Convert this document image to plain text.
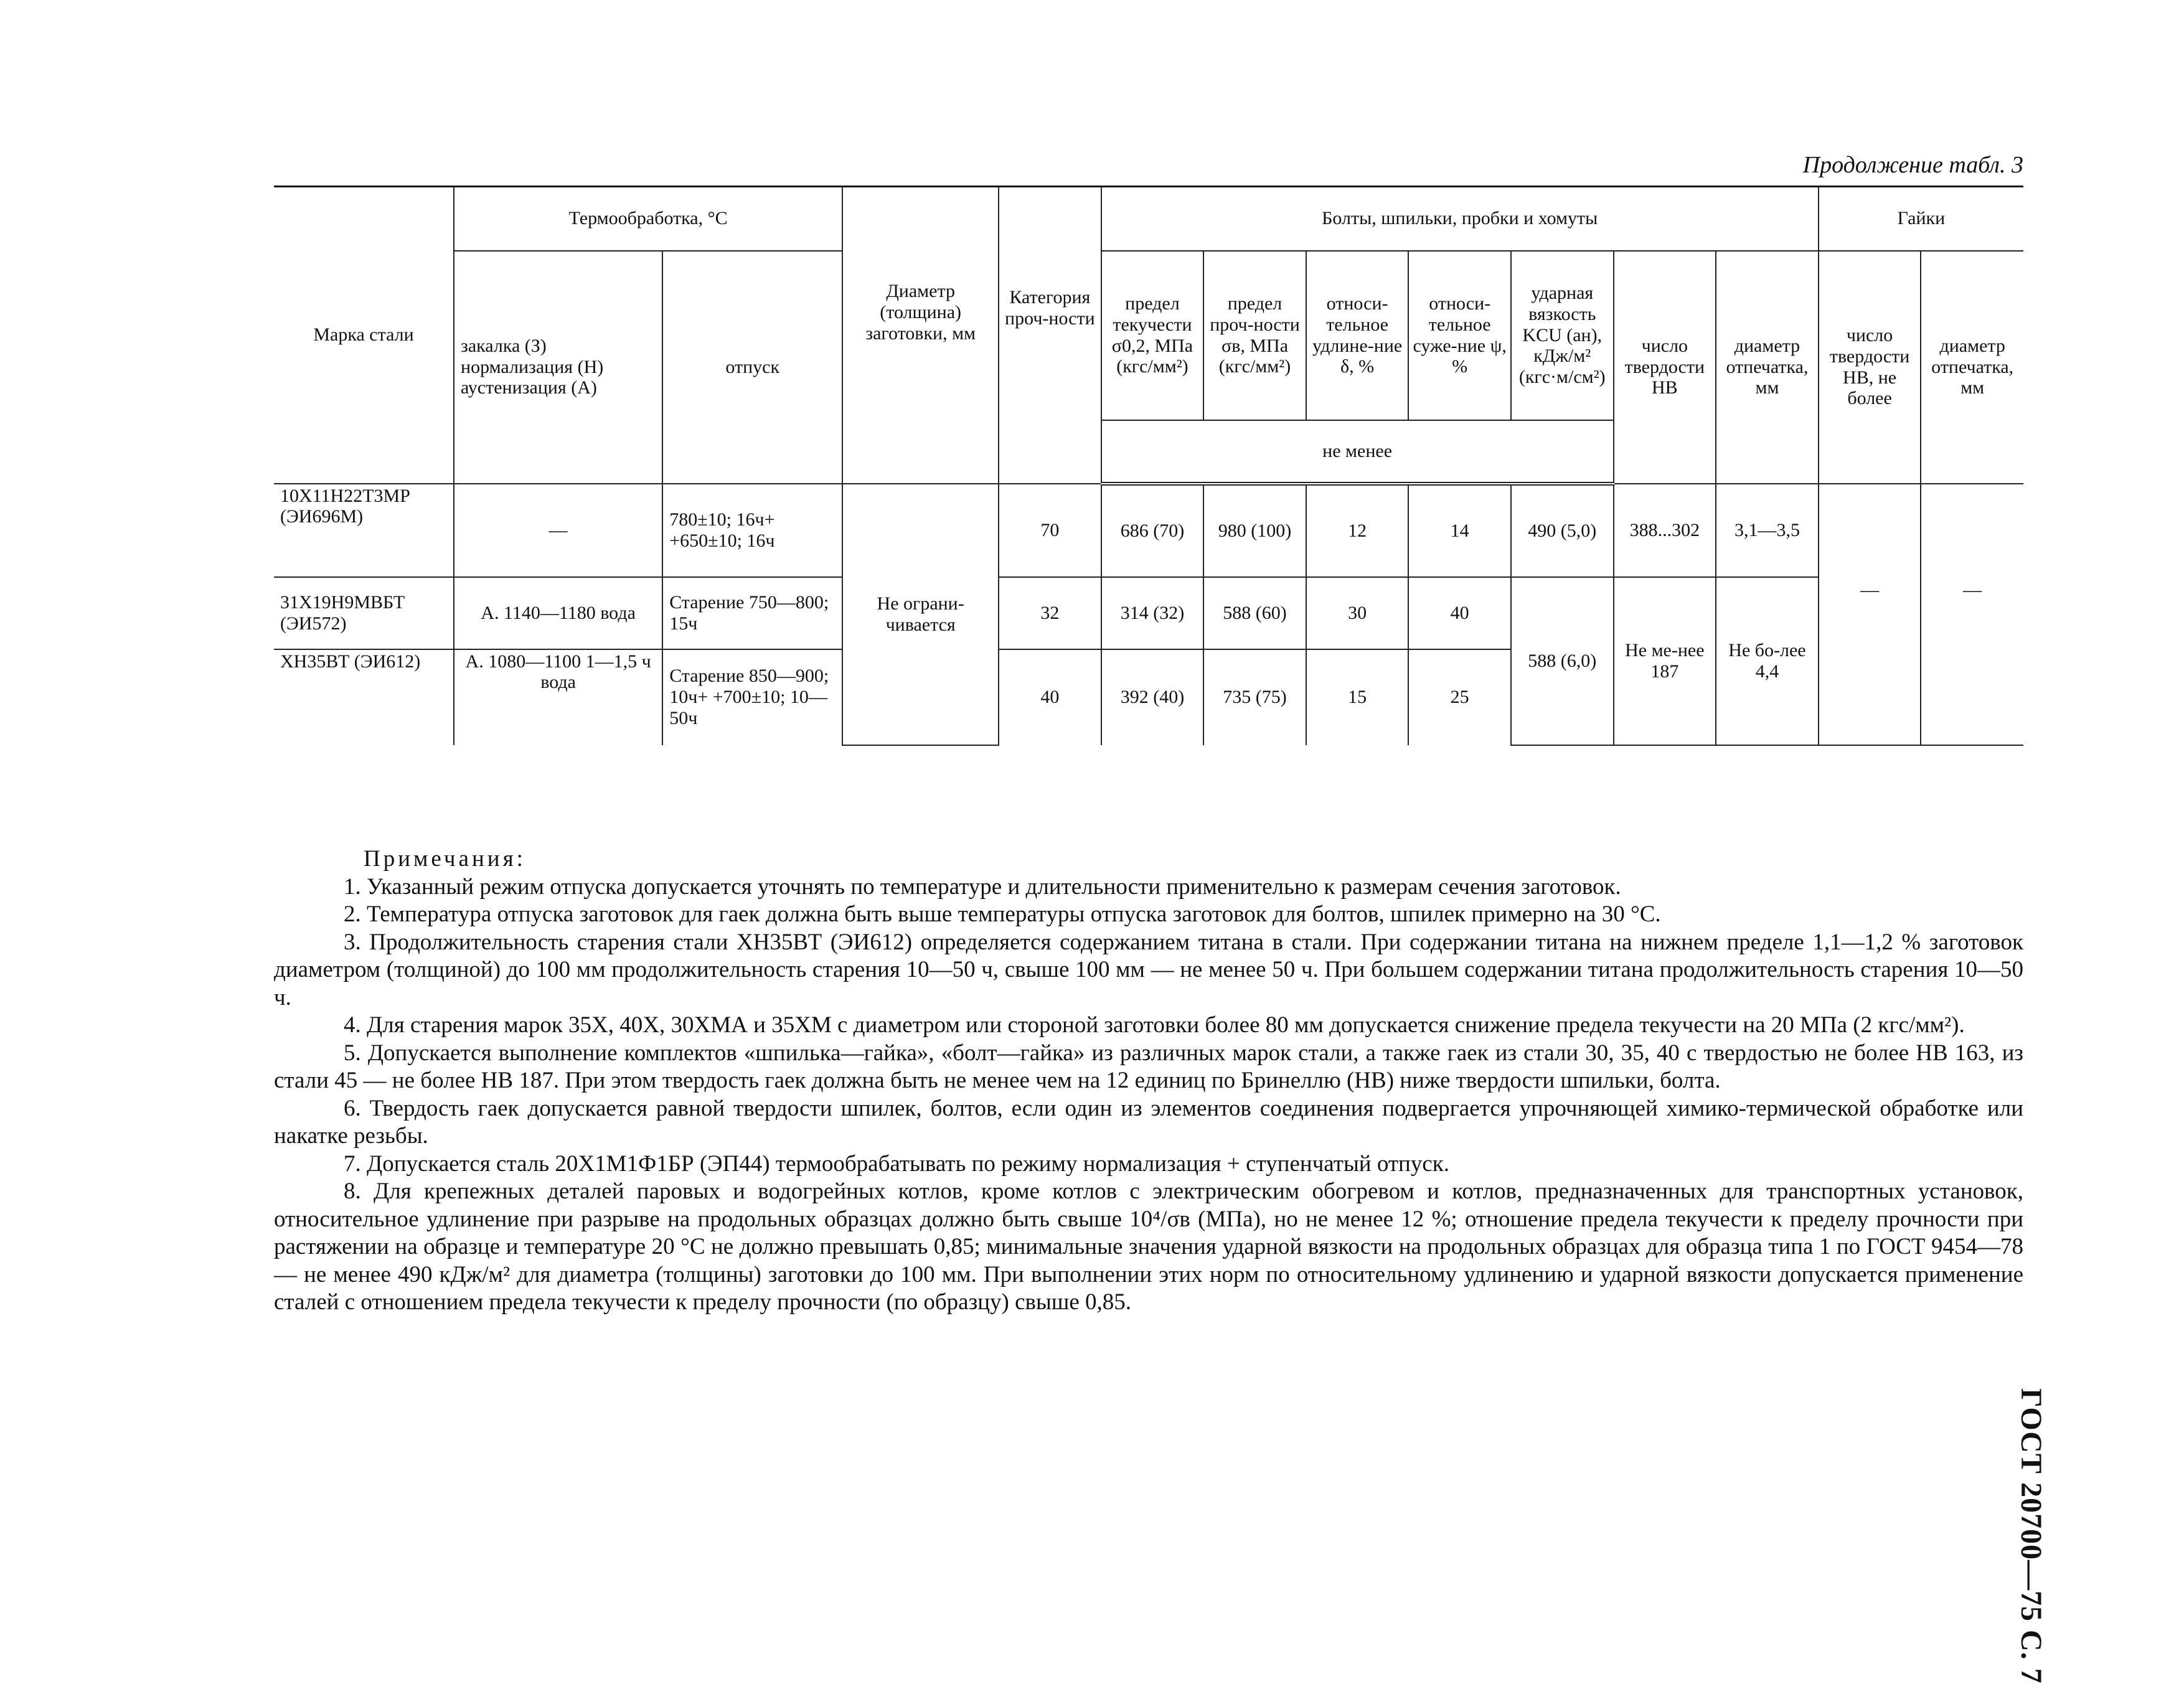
Продолжение табл. 3
ГОСТ 20700—75 С. 7
Марка стали	Термообработка, °С		Диаметр (толщина) заготовки, мм	Категория проч-ности	Болты, шпильки, пробки и хомуты							Гайки	
	закалка (З) нормализация (Н) аустенизация (А)	отпуск			предел текучести σ0,2, МПа (кгс/мм²)	предел проч-ности σв, МПа (кгс/мм²)	относи-тельное удлине-ние δ, %	относи-тельное суже-ние ψ, %	ударная вязкость KCU (aн), кДж/м² (кгс·м/см²)	число твердости НВ	диаметр отпечатка, мм	число твердости НВ, не более	диаметр отпечатка, мм
					не менее								
10Х11Н22Т3МР (ЭИ696М)	—	780±10; 16ч+ +650±10; 16ч	Не ограни-чивается	70	686 (70)	980 (100)	12	14	490 (5,0)	388...302	3,1—3,5	—	—
31Х19Н9МВБТ (ЭИ572)	А. 1140—1180 вода	Старение 750—800; 15ч		32	314 (32)	588 (60)	30	40	588 (6,0)	Не ме-нее 187	Не бо-лее 4,4		
ХН35ВТ (ЭИ612)	А. 1080—1100 1—1,5 ч вода	Старение 850—900; 10ч+ +700±10; 10—50ч		40	392 (40)	735 (75)	15	25					
Примечания:

1. Указанный режим отпуска допускается уточнять по температуре и длительности применительно к размерам сечения заготовок.

2. Температура отпуска заготовок для гаек должна быть выше температуры отпуска заготовок для болтов, шпилек примерно на 30 °С.

3. Продолжительность старения стали ХН35ВТ (ЭИ612) определяется содержанием титана в стали. При содержании титана на нижнем пределе 1,1—1,2 % заготовок диаметром (толщиной) до 100 мм продолжительность старения 10—50 ч, свыше 100 мм — не менее 50 ч. При большем содержании титана продолжительность старения 10—50 ч.

4. Для старения марок 35Х, 40Х, 30ХМА и 35ХМ с диаметром или стороной заготовки более 80 мм допускается снижение предела текучести на 20 МПа (2 кгс/мм²).

5. Допускается выполнение комплектов «шпилька—гайка», «болт—гайка» из различных марок стали, а также гаек из стали 30, 35, 40 с твердостью не более НВ 163, из стали 45 — не более НВ 187. При этом твердость гаек должна быть не менее чем на 12 единиц по Бринеллю (НВ) ниже твердости шпильки, болта.

6. Твердость гаек допускается равной твердости шпилек, болтов, если один из элементов соединения подвергается упрочняющей химико-термической обработке или накатке резьбы.

7. Допускается сталь 20Х1М1Ф1БР (ЭП44) термообрабатывать по режиму нормализация + ступенчатый отпуск.

8. Для крепежных деталей паровых и водогрейных котлов, кроме котлов с электрическим обогревом и котлов, предназначенных для транспортных установок, относительное удлинение при разрыве на продольных образцах должно быть свыше 10⁴/σв (МПа), но не менее 12 %; отношение предела текучести к пределу прочности при растяжении на образце и температуре 20 °С не должно превышать 0,85; минимальные значения ударной вязкости на продольных образцах для образца типа 1 по ГОСТ 9454—78 — не менее 490 кДж/м² для диаметра (толщины) заготовки до 100 мм. При выполнении этих норм по относительному удлинению и ударной вязкости допускается применение сталей с отношением предела текучести к пределу прочности (по образцу) свыше 0,85.
